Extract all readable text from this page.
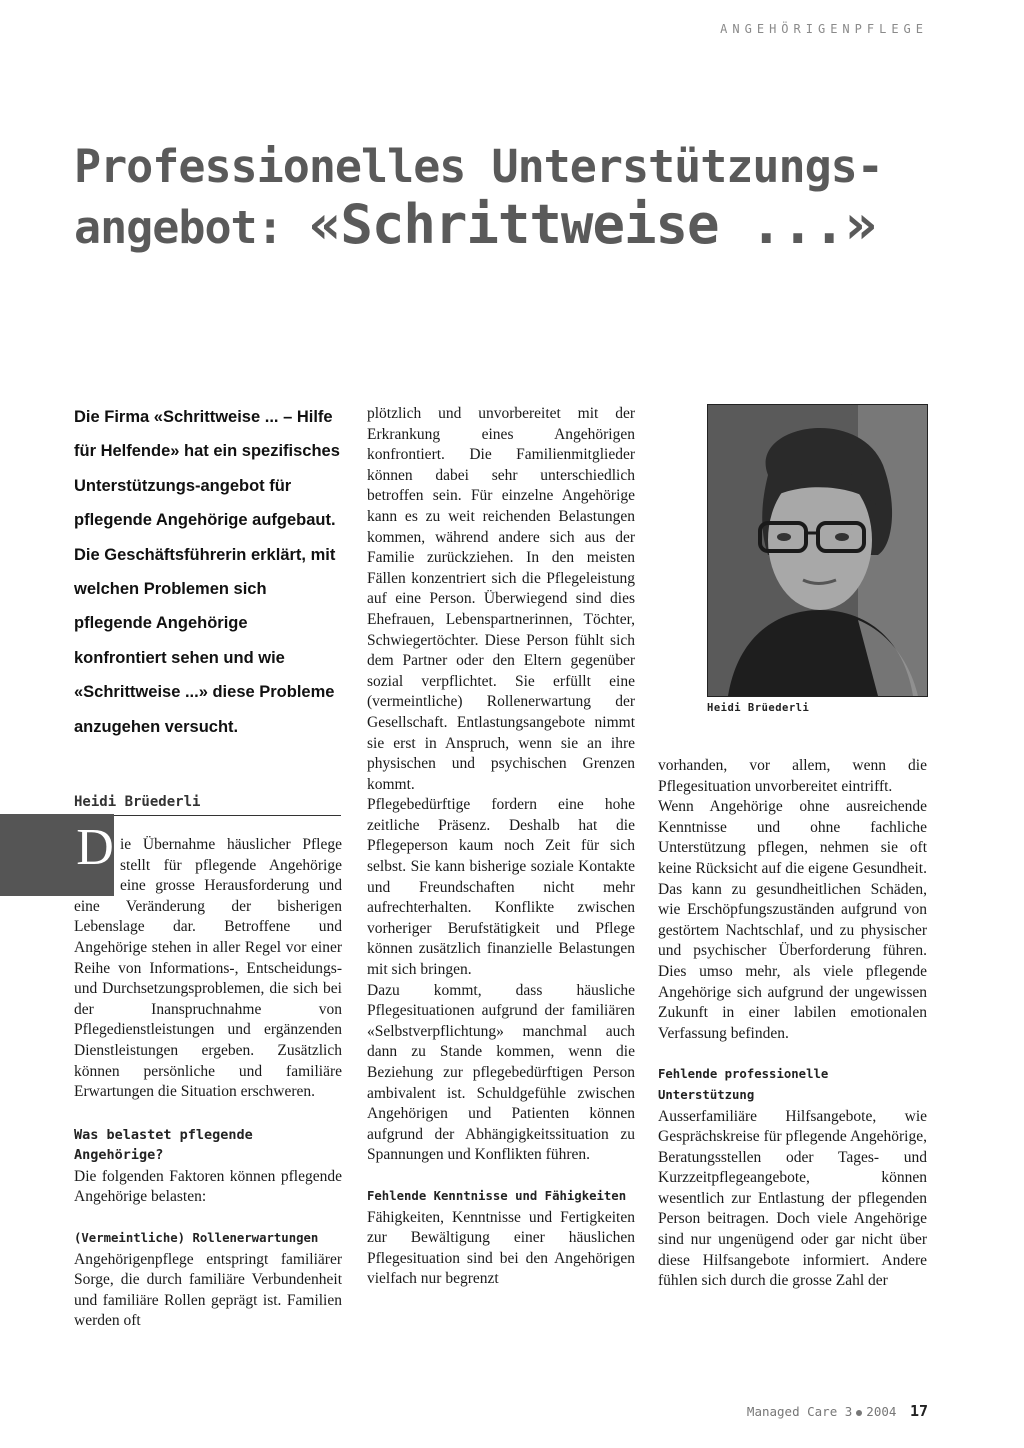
ANGEHÖRIGENPFLEGE
Professionelles Unterstützungs-
angebot: «Schrittweise ...»
Die Firma «Schrittweise ... – Hilfe für Helfende» hat ein spezifisches Unterstützungs-angebot für pflegende Angehörige aufgebaut. Die Geschäftsführerin erklärt, mit welchen Problemen sich pflegende Angehörige konfrontiert sehen und wie «Schrittweise ...» diese Probleme anzugehen versucht.
Heidi Brüederli
D ie Übernahme häuslicher Pflege stellt für pflegende Angehörige eine grosse Herausforderung und eine Veränderung der bisherigen Lebenslage dar. Betroffene und Angehörige stehen in aller Regel vor einer Reihe von Informations-, Entscheidungs- und Durchsetzungsproblemen, die sich bei der Inanspruchnahme von Pflegedienstleistungen und ergänzenden Dienstleistungen ergeben. Zusätzlich können persönliche und familiäre Erwartungen die Situation erschweren.

Was belastet pflegende Angehörige?

Die folgenden Faktoren können pflegende Angehörige belasten:

(Vermeintliche) Rollenerwartungen

Angehörigenpflege entspringt familiärer Sorge, die durch familiäre Verbundenheit und familiäre Rollen geprägt ist. Familien werden oft

plötzlich und unvorbereitet mit der Erkrankung eines Angehörigen konfrontiert. Die Familienmitglieder können dabei sehr unterschiedlich betroffen sein. Für einzelne Angehörige kann es zu weit reichenden Belastungen kommen, während andere sich aus der Familie zurückziehen. In den meisten Fällen konzentriert sich die Pflegeleistung auf eine Person. Überwiegend sind dies Ehefrauen, Lebenspartnerinnen, Töchter, Schwiegertöchter. Diese Person fühlt sich dem Partner oder den Eltern gegenüber sozial verpflichtet. Sie erfüllt eine (vermeintliche) Rollenerwartung der Gesellschaft. Entlastungsangebote nimmt sie erst in Anspruch, wenn sie an ihre physischen und psychischen Grenzen kommt.

Pflegebedürftige fordern eine hohe zeitliche Präsenz. Deshalb hat die Pflegeperson kaum noch Zeit für sich selbst. Sie kann bisherige soziale Kontakte und Freundschaften nicht mehr aufrechterhalten. Konflikte zwischen vorheriger Berufstätigkeit und Pflege können zusätzlich finanzielle Belastungen mit sich bringen.

Dazu kommt, dass häusliche Pflegesituationen aufgrund der familiären «Selbstverpflichtung» manchmal auch dann zu Stande kommen, wenn die Beziehung zur pflegebedürftigen Person ambivalent ist. Schuldgefühle zwischen Angehörigen und Patienten können aufgrund der Abhängigkeitssituation zu Spannungen und Konflikten führen.

Fehlende Kenntnisse und Fähigkeiten

Fähigkeiten, Kenntnisse und Fertigkeiten zur Bewältigung einer häuslichen Pflegesituation sind bei den Angehörigen vielfach nur begrenzt

Heidi Brüederli

vorhanden, vor allem, wenn die Pflegesituation unvorbereitet eintrifft.

Wenn Angehörige ohne ausreichende Kenntnisse und ohne fachliche Unterstützung pflegen, nehmen sie oft keine Rücksicht auf die eigene Gesundheit. Das kann zu gesundheitlichen Schäden, wie Erschöpfungszuständen aufgrund von gestörtem Nachtschlaf, und zu physischer und psychischer Überforderung führen. Dies umso mehr, als viele pflegende Angehörige sich aufgrund der ungewissen Zukunft in einer labilen emotionalen Verfassung befinden.

Fehlende professionelle Unterstützung

Ausserfamiliäre Hilfsangebote, wie Gesprächskreise für pflegende Angehörige, Beratungsstellen oder Tages- und Kurzzeitpflegeangebote, können wesentlich zur Entlastung der pflegenden Person beitragen. Doch viele Angehörige sind nur ungenügend oder gar nicht über diese Hilfsangebote informiert. Andere fühlen sich durch die grosse Zahl der

Managed Care 3 2004 17
